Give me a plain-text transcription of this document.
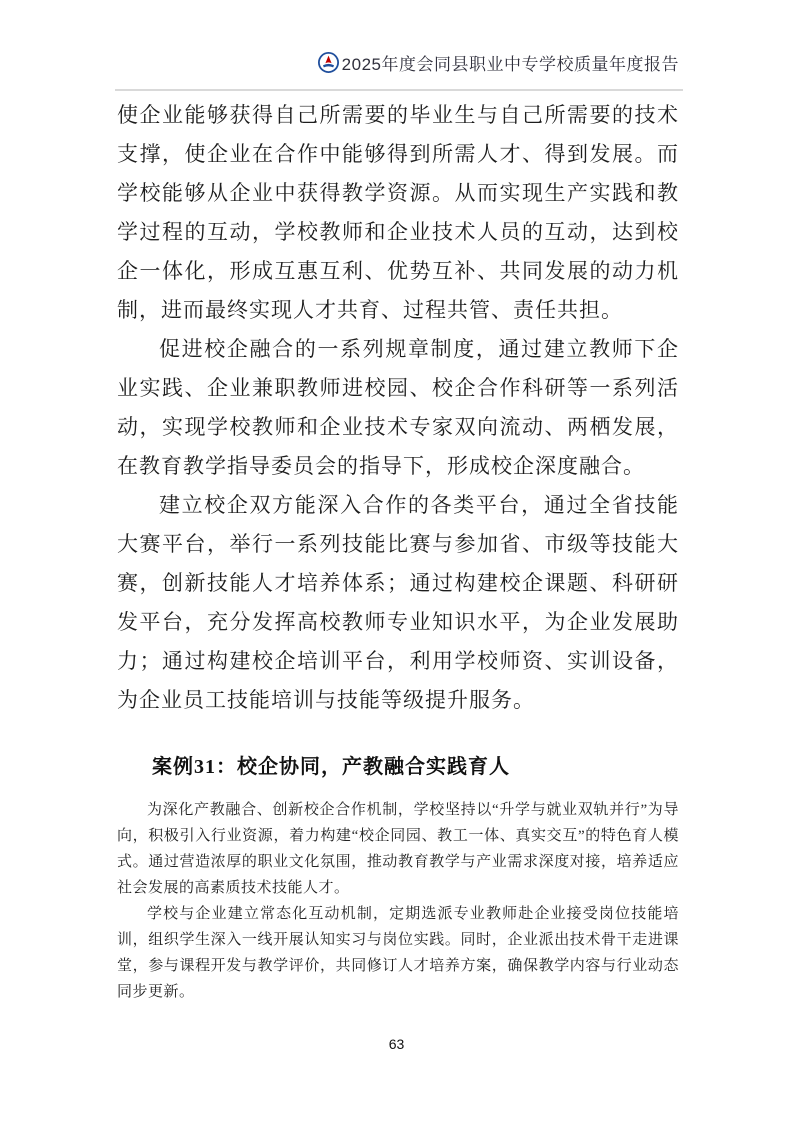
2025年度会同县职业中专学校质量年度报告

使企业能够获得自己所需要的毕业生与自己所需要的技术支撑，使企业在合作中能够得到所需人才、得到发展。而学校能够从企业中获得教学资源。从而实现生产实践和教学过程的互动，学校教师和企业技术人员的互动，达到校企一体化，形成互惠互利、优势互补、共同发展的动力机制，进而最终实现人才共育、过程共管、责任共担。

促进校企融合的一系列规章制度，通过建立教师下企业实践、企业兼职教师进校园、校企合作科研等一系列活动，实现学校教师和企业技术专家双向流动、两栖发展，在教育教学指导委员会的指导下，形成校企深度融合。

建立校企双方能深入合作的各类平台，通过全省技能大赛平台，举行一系列技能比赛与参加省、市级等技能大赛，创新技能人才培养体系；通过构建校企课题、科研研发平台，充分发挥高校教师专业知识水平，为企业发展助力；通过构建校企培训平台，利用学校师资、实训设备，为企业员工技能培训与技能等级提升服务。

案例31：校企协同，产教融合实践育人

为深化产教融合、创新校企合作机制，学校坚持以“升学与就业双轨并行”为导向，积极引入行业资源，着力构建“校企同园、教工一体、真实交互”的特色育人模式。通过营造浓厚的职业文化氛围，推动教育教学与产业需求深度对接，培养适应社会发展的高素质技术技能人才。

学校与企业建立常态化互动机制，定期选派专业教师赴企业接受岗位技能培训，组织学生深入一线开展认知实习与岗位实践。同时，企业派出技术骨干走进课堂，参与课程开发与教学评价，共同修订人才培养方案，确保教学内容与行业动态同步更新。

63
